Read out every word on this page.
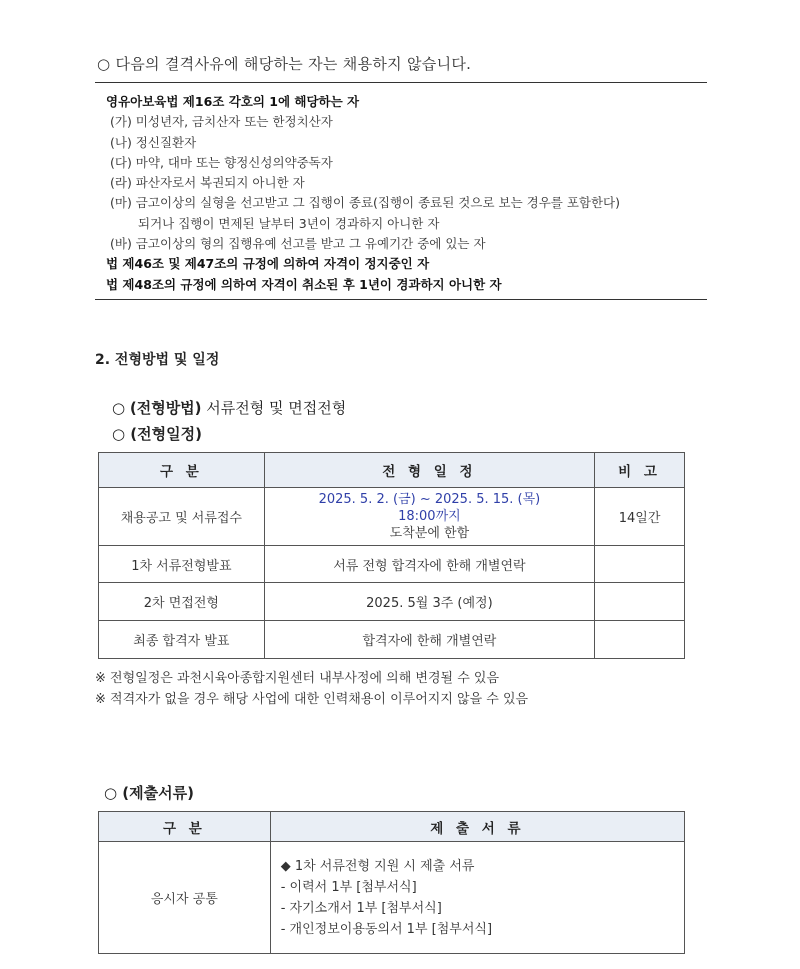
○ 다음의 결격사유에 해당하는 자는 채용하지 않습니다.
영유아보육법 제16조 각호의 1에 해당하는 자
(가) 미성년자, 금치산자 또는 한정치산자
(나) 정신질환자
(다) 마약, 대마 또는 향정신성의약중독자
(라) 파산자로서 복권되지 아니한 자
(마) 금고이상의 실형을 선고받고 그 집행이 종료(집행이 종료된 것으로 보는 경우를 포함한다)
되거나 집행이 면제된 날부터 3년이 경과하지 아니한 자
(바) 금고이상의 형의 집행유예 선고를 받고 그 유예기간 중에 있는 자
법 제46조 및 제47조의 규정에 의하여 자격이 정지중인 자
법 제48조의 규정에 의하여 자격이 취소된 후 1년이 경과하지 아니한 자
2. 전형방법 및 일정
○ (전형방법) 서류전형 및 면접전형
○ (전형일정)
구 분	전 형 일 정	비 고
채용공고 및 서류접수	2025. 5. 2. (금) ~ 2025. 5. 15. (목)
18:00까지
도착분에 한함	14일간
1차 서류전형발표	서류 전형 합격자에 한해 개별연락	
2차 면접전형	2025. 5월 3주 (예정)	
최종 합격자 발표	합격자에 한해 개별연락	
※ 전형일정은 과천시육아종합지원센터 내부사정에 의해 변경될 수 있음
※ 적격자가 없을 경우 해당 사업에 대한 인력채용이 이루어지지 않을 수 있음
○ (제출서류)
구 분	제 출 서 류
응시자 공통	◆ 1차 서류전형 지원 시 제출 서류
- 이력서 1부 [첨부서식]
- 자기소개서 1부 [첨부서식]
- 개인정보이용동의서 1부 [첨부서식]
